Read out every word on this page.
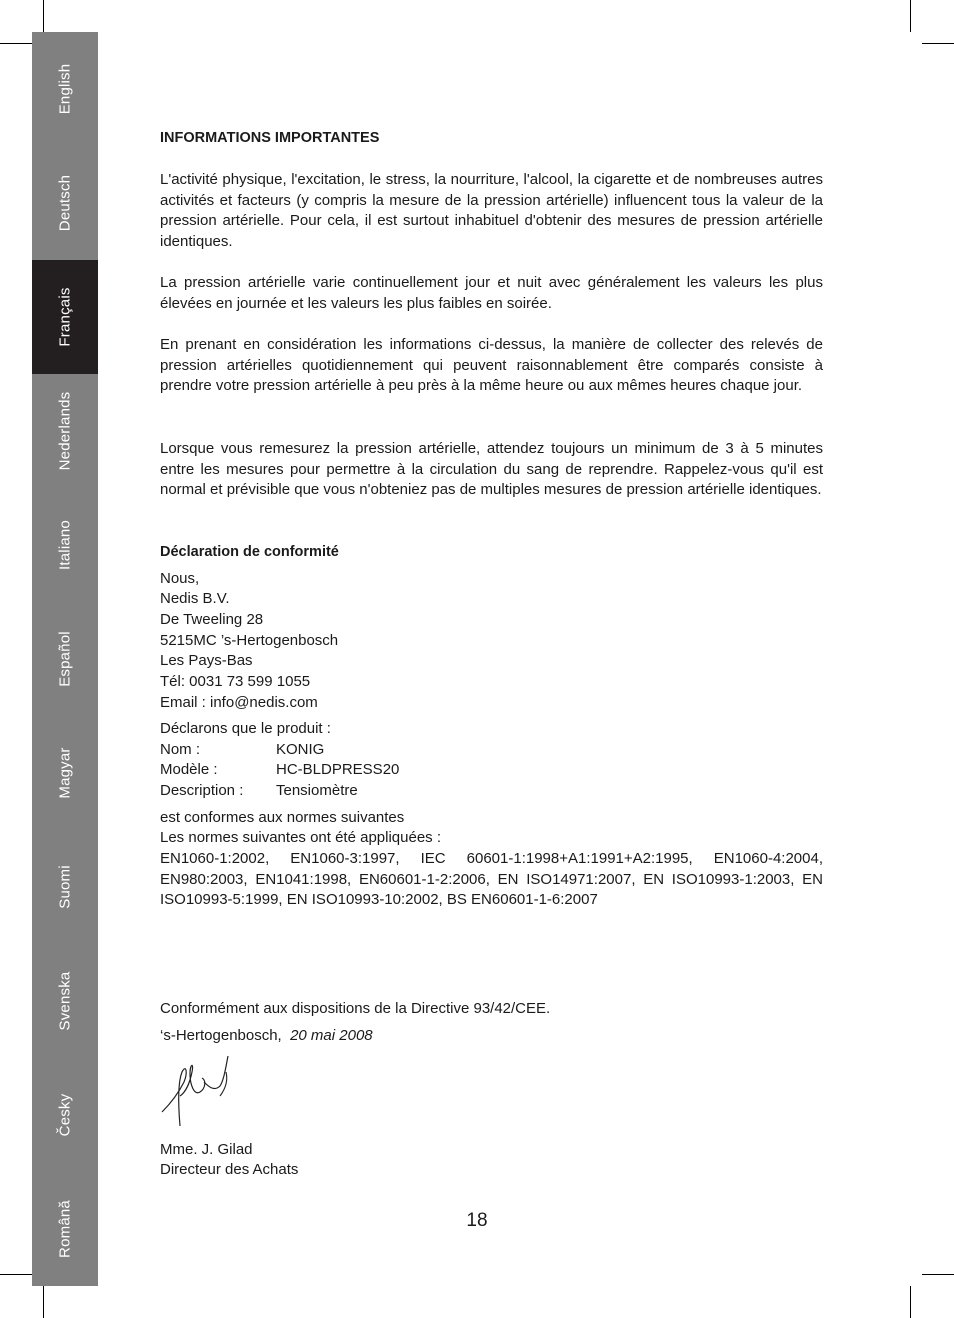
English
Deutsch
Français
Nederlands
Italiano
Español
Magyar
Suomi
Svenska
Česky
Română
INFORMATIONS IMPORTANTES

L'activité physique, l'excitation, le stress, la nourriture, l'alcool, la cigarette et de nombreuses autres activités et facteurs (y compris la mesure de la pression artérielle) influencent tous la valeur de la pression artérielle. Pour cela, il est surtout inhabituel d'obtenir des mesures de pression artérielle identiques.

La pression artérielle varie continuellement jour et nuit avec généralement les valeurs les plus élevées en journée et les valeurs les plus faibles en soirée.

En prenant en considération les informations ci-dessus, la manière de collecter des relevés de pression artérielles quotidiennement qui peuvent raisonnablement être comparés consiste à prendre votre pression artérielle à peu près à la même heure ou aux mêmes heures chaque jour.

Lorsque vous remesurez la pression artérielle, attendez toujours un minimum de 3 à 5 minutes entre les mesures pour permettre à la circulation du sang de reprendre. Rappelez-vous qu'il est normal et prévisible que vous n'obteniez pas de multiples mesures de pression artérielle identiques.

Déclaration de conformité
Nous,
Nedis B.V.
De Tweeling 28
5215MC ’s-Hertogenbosch
Les Pays-Bas
Tél: 0031 73 599 1055
Email : info@nedis.com
Déclarons que le produit :
Nom :	KONIG
Modèle :	HC-BLDPRESS20
Description : Tensiomètre
est conformes aux normes suivantes
Les normes suivantes ont été appliquées :

EN1060-1:2002, EN1060-3:1997, IEC 60601-1:1998+A1:1991+A2:1995, EN1060-4:2004, EN980:2003, EN1041:1998, EN60601-1-2:2006, EN ISO14971:2007, EN ISO10993-1:2003, EN ISO10993-5:1999, EN ISO10993-10:2002, BS EN60601-1-6:2007

Conformément aux dispositions de la Directive 93/42/CEE.
‘s-Hertogenbosch, 20 mai 2008
Mme. J. Gilad
Directeur des Achats
18
